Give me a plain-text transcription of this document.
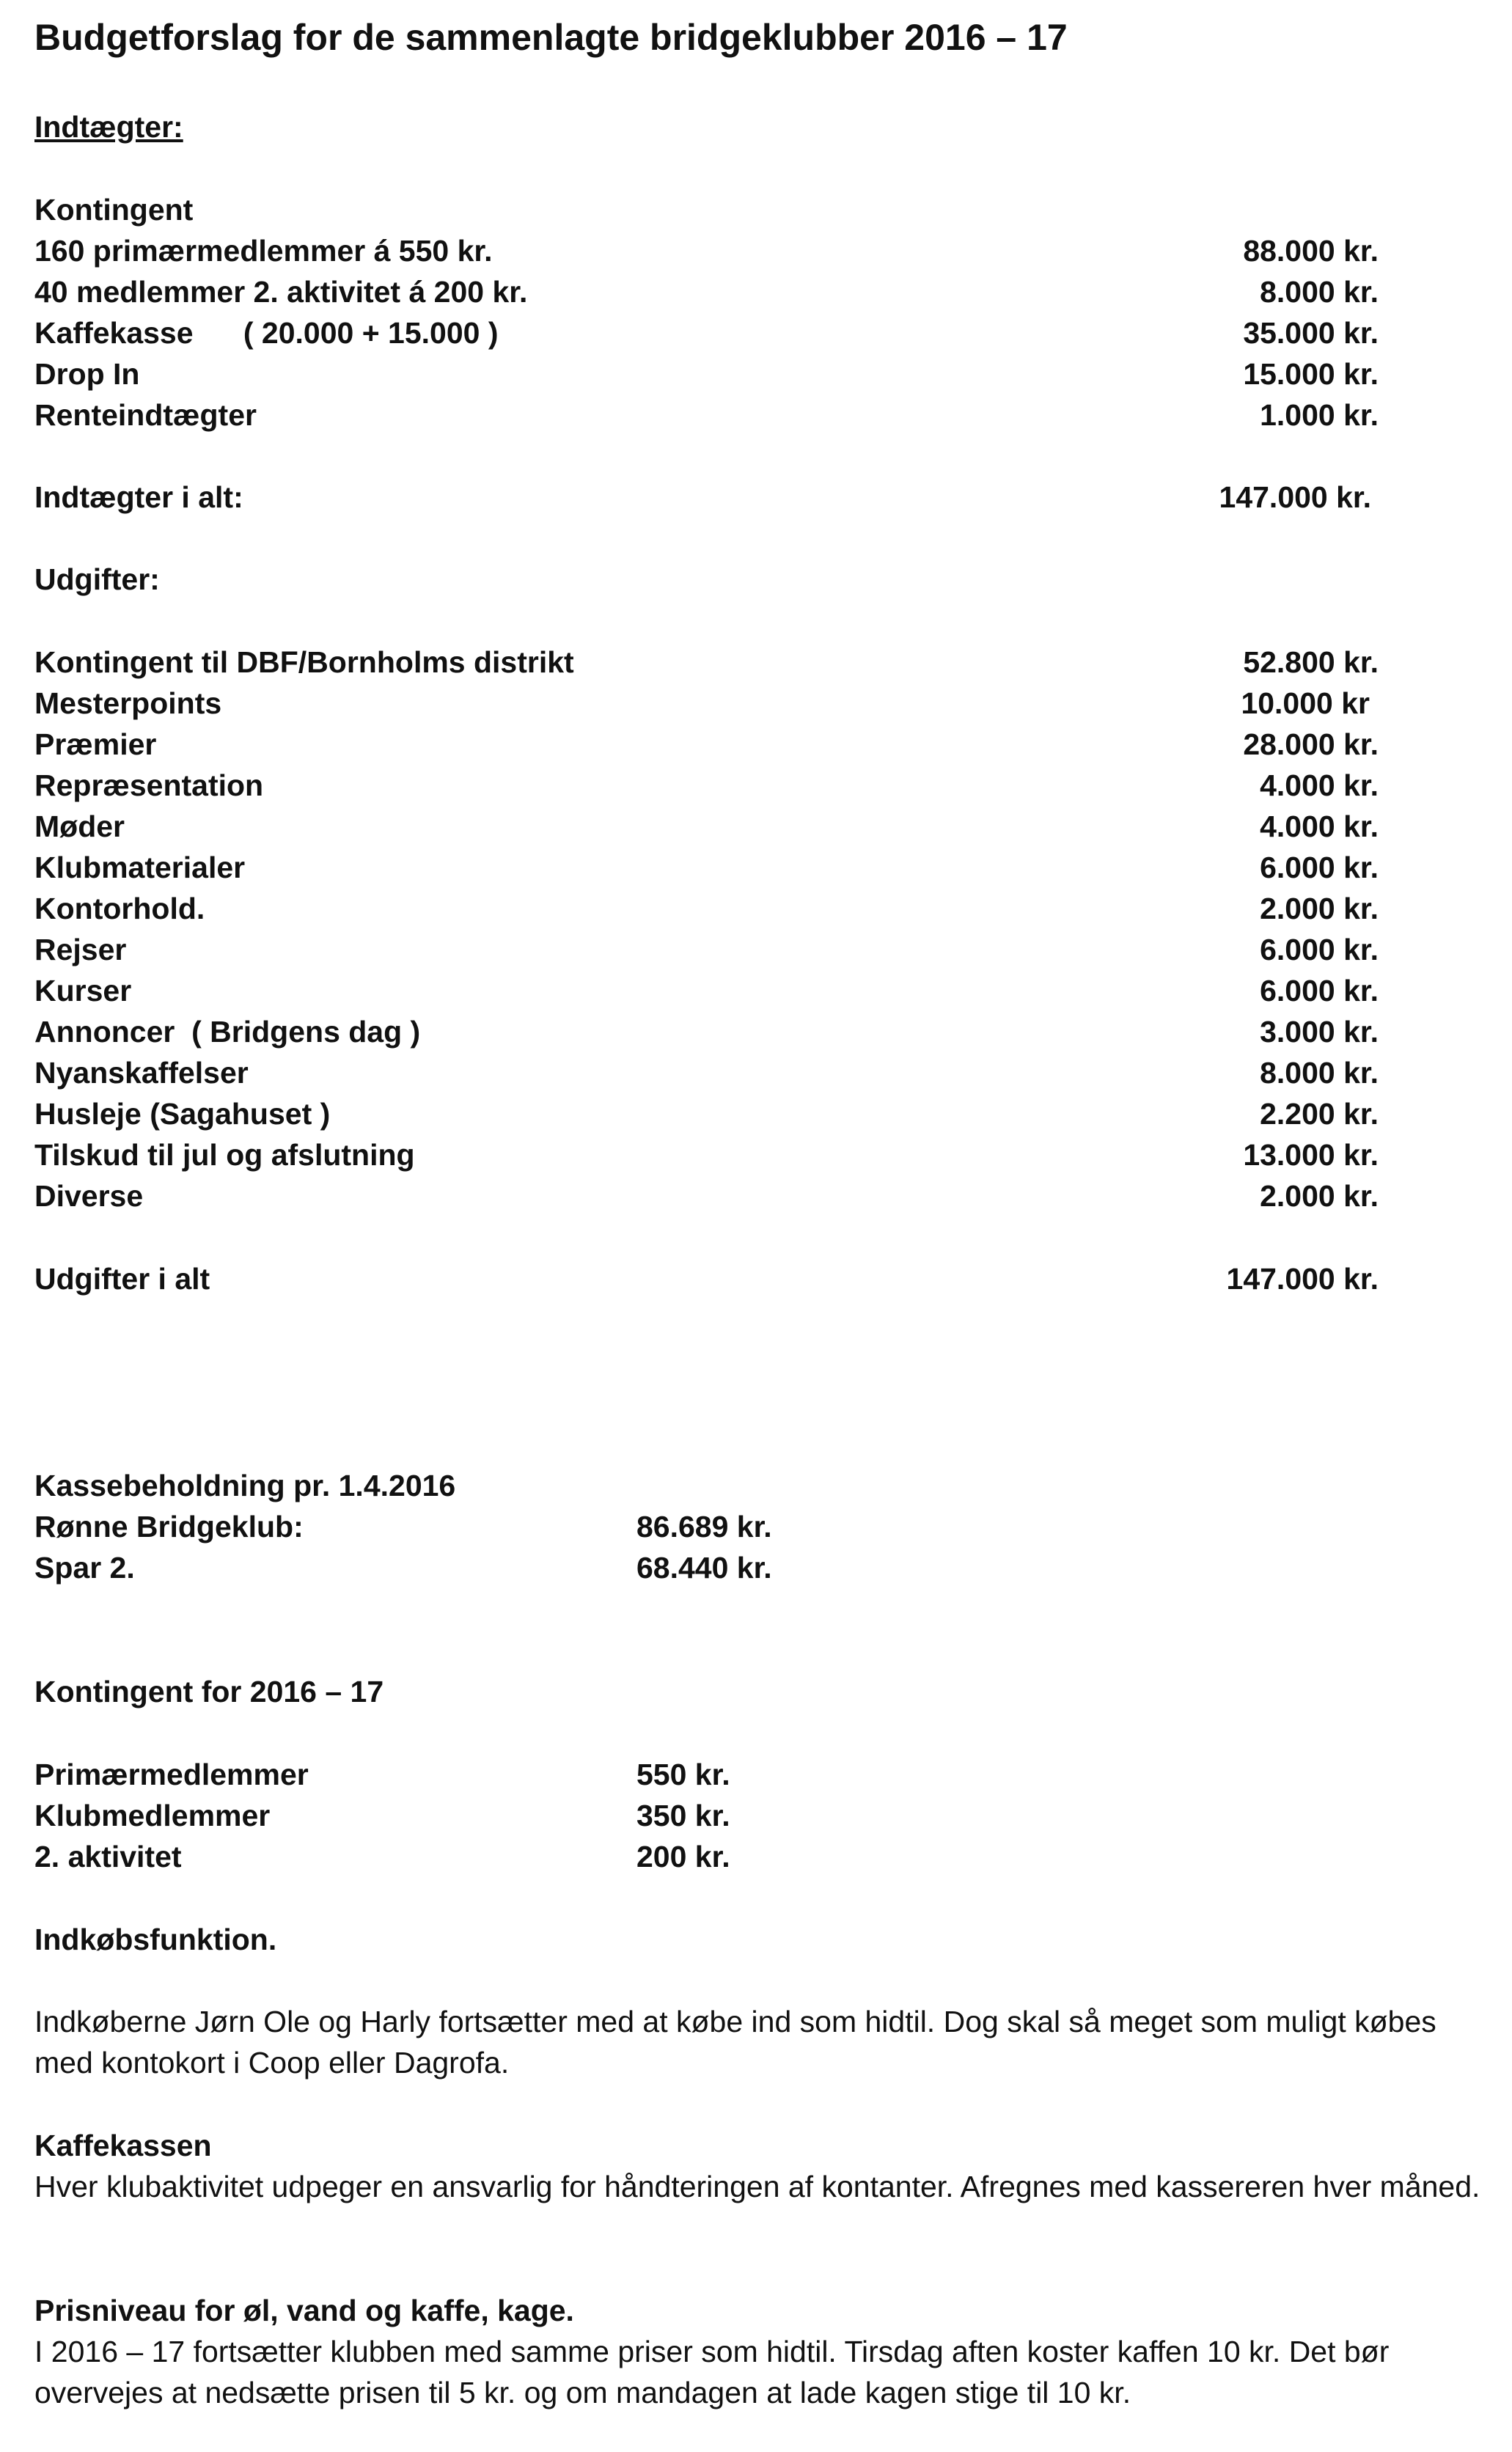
Budgetforslag for de sammenlagte bridgeklubber 2016 – 17
Indtægter:
Kontingent
160 primærmedlemmer á 550 kr.	88.000 kr.
40 medlemmer 2. aktivitet á 200 kr.	8.000 kr.
Kaffekasse      ( 20.000 + 15.000 )	35.000 kr.
Drop In	15.000 kr.
Renteindtægter	1.000 kr.
Indtægter i alt:	147.000 kr.
Udgifter:
Kontingent til DBF/Bornholms distrikt	52.800 kr.
Mesterpoints	10.000 kr
Præmier	28.000 kr.
Repræsentation	4.000 kr.
Møder	4.000 kr.
Klubmaterialer	6.000 kr.
Kontorhold.	2.000 kr.
Rejser	6.000 kr.
Kurser	6.000 kr.
Annoncer  ( Bridgens dag )	3.000 kr.
Nyanskaffelser	8.000 kr.
Husleje (Sagahuset )	2.200 kr.
Tilskud til jul og afslutning	13.000 kr.
Diverse	2.000 kr.
Udgifter i alt	147.000 kr.
Kassebeholdning pr. 1.4.2016
Rønne Bridgeklub:	86.689 kr.
Spar 2.	68.440 kr.
Kontingent for 2016 – 17
Primærmedlemmer	550 kr.
Klubmedlemmer	350 kr.
2. aktivitet	200 kr.
Indkøbsfunktion.
Indkøberne Jørn Ole og Harly fortsætter med at købe ind som hidtil. Dog skal så meget som muligt købes med kontokort i Coop eller Dagrofa.
Kaffekassen
Hver klubaktivitet udpeger en ansvarlig for håndteringen af kontanter. Afregnes med kassereren hver måned.
Prisniveau for øl, vand og kaffe, kage.
I 2016 – 17 fortsætter klubben med samme priser som hidtil. Tirsdag aften koster kaffen 10 kr. Det bør overvejes at nedsætte prisen til 5 kr. og om mandagen at lade kagen stige til 10 kr.
